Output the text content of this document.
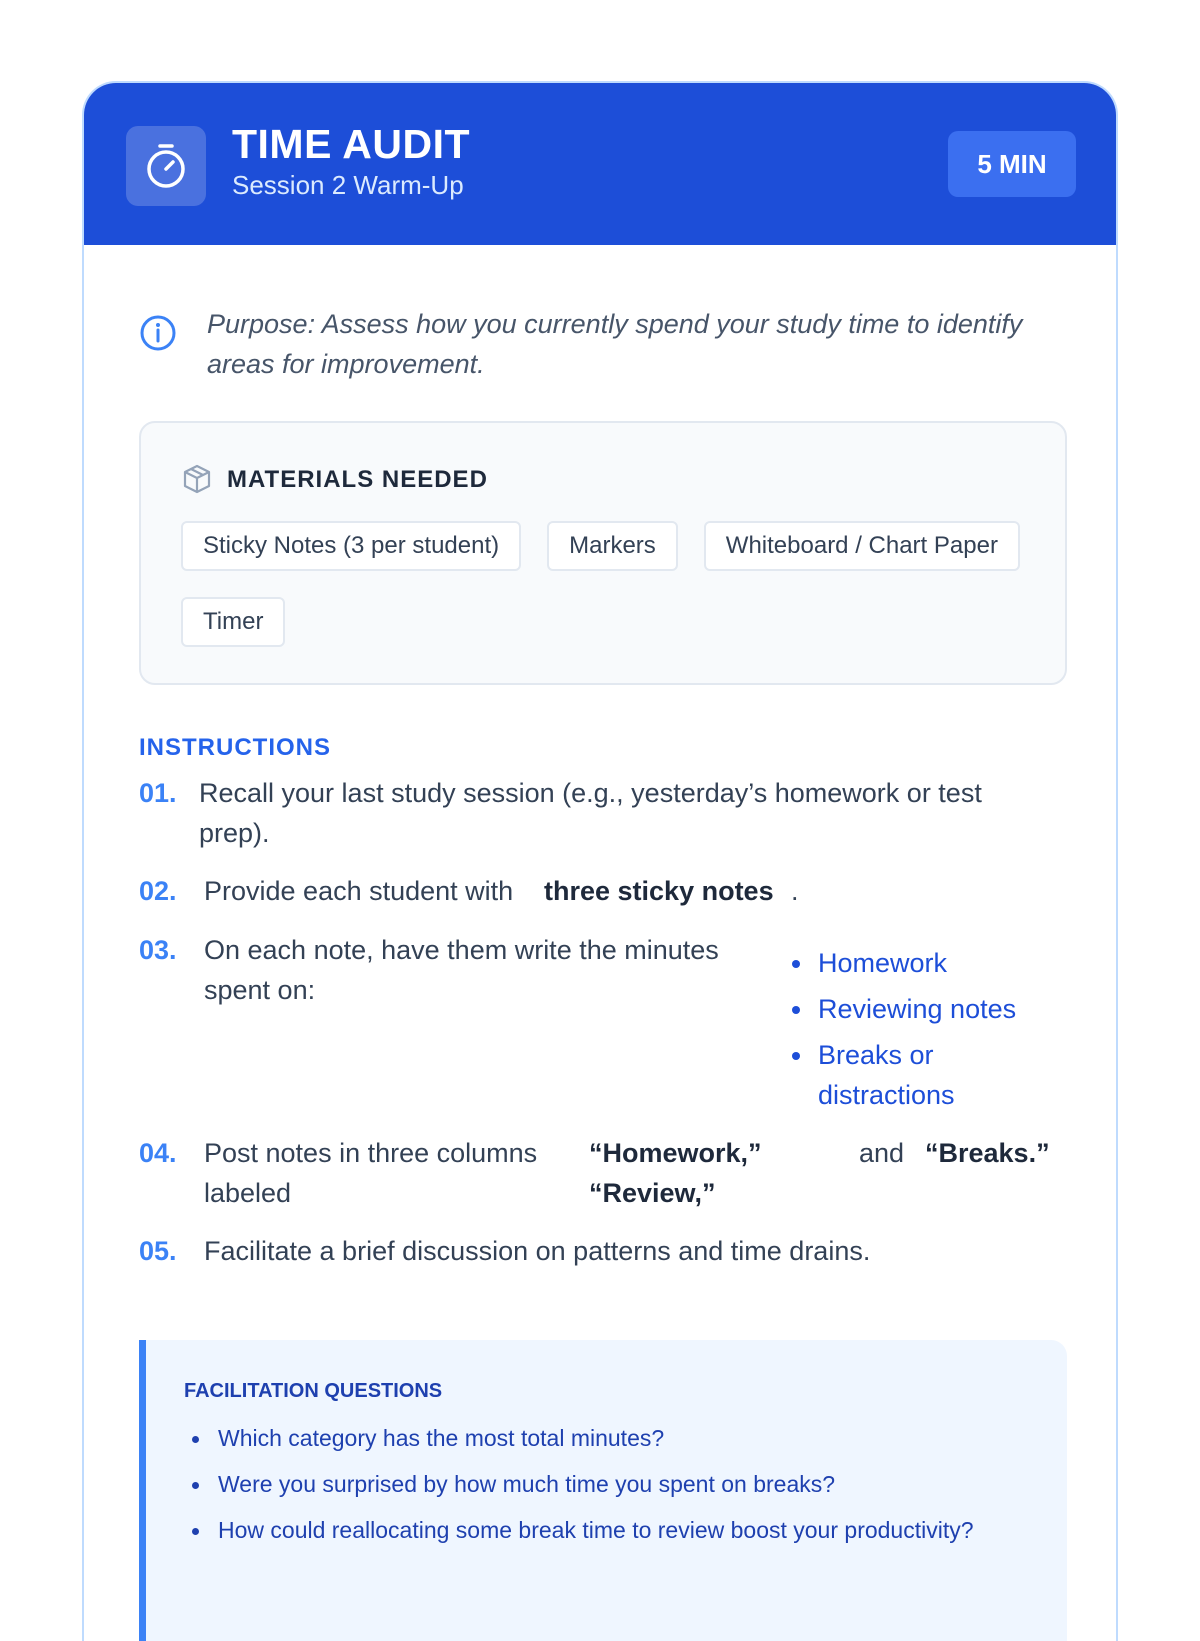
TIME AUDIT
Session 2 Warm-Up
5 MIN
Purpose: Assess how you currently spend your study time to identify areas for improvement.
MATERIALS NEEDED
Sticky Notes (3 per student)	Markers	Whiteboard / Chart Paper
Timer
INSTRUCTIONS
01. Recall your last study session (e.g., yesterday’s homework or test prep).
02. Provide each student with three sticky notes .
03. On each note, have them write the minutes spent on:
Homework
Reviewing notes
Breaks or distractions
04. Post notes in three columns labeled
“Homework,” “Review,”
and “Breaks.”
05. Facilitate a brief discussion on patterns and time drains.
FACILITATION QUESTIONS
Which category has the most total minutes?
Were you surprised by how much time you spent on breaks?
How could reallocating some break time to review boost your productivity?
